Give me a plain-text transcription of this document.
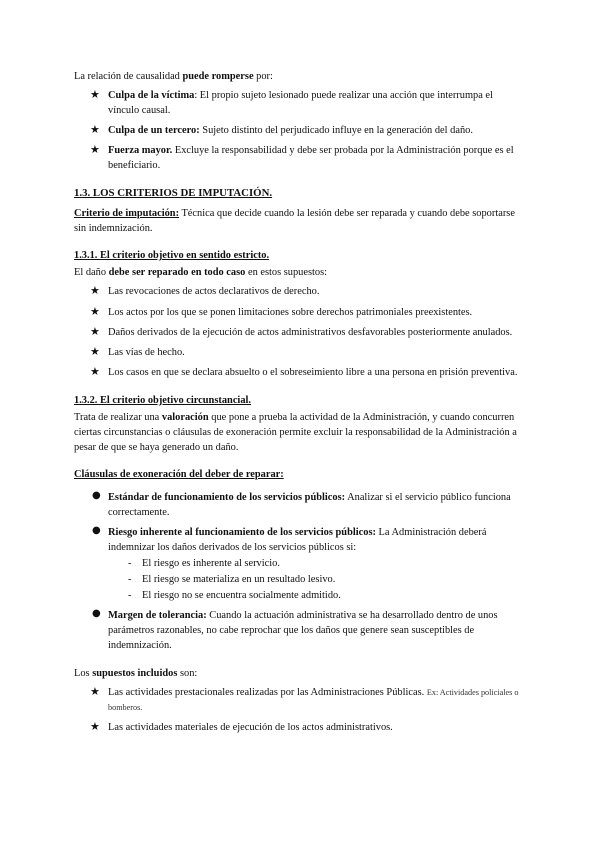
La relación de causalidad puede romperse por:

★ Culpa de la víctima: El propio sujeto lesionado puede realizar una acción que interrumpa el vínculo causal.
★ Culpa de un tercero: Sujeto distinto del perjudicado influye en la generación del daño.
★ Fuerza mayor. Excluye la responsabilidad y debe ser probada por la Administración porque es el beneficiario.
1.3. LOS CRITERIOS DE IMPUTACIÓN.

Criterio de imputación: Técnica que decide cuando la lesión debe ser reparada y cuando debe soportarse sin indemnización.

1.3.1. El criterio objetivo en sentido estricto.

El daño debe ser reparado en todo caso en estos supuestos:

★ Las revocaciones de actos declarativos de derecho.
★ Los actos por los que se ponen limitaciones sobre derechos patrimoniales preexistentes.
★ Daños derivados de la ejecución de actos administrativos desfavorables posteriormente anulados.
★ Las vías de hecho.
★ Los casos en que se declara absuelto o el sobreseimiento libre a una persona en prisión preventiva.
1.3.2. El criterio objetivo circunstancial.

Trata de realizar una valoración que pone a prueba la actividad de la Administración, y cuando concurren ciertas circunstancias o cláusulas de exoneración permite excluir la responsabilidad de la Administración a pesar de que se haya generado un daño.

Cláusulas de exoneración del deber de reparar:

● Estándar de funcionamiento de los servicios públicos: Analizar si el servicio público funciona correctamente.
● Riesgo inherente al funcionamiento de los servicios públicos: La Administración deberá indemnizar los daños derivados de los servicios públicos si:
- El riesgo es inherente al servicio.
- El riesgo se materializa en un resultado lesivo.
- El riesgo no se encuentra socialmente admitido.
● Margen de tolerancia: Cuando la actuación administrativa se ha desarrollado dentro de unos parámetros razonables, no cabe reprochar que los daños que genere sean susceptibles de indemnización.

Los supuestos incluidos son:

★ Las actividades prestacionales realizadas por las Administraciones Públicas. Ex: Actividades policiales o bomberos.
★ Las actividades materiales de ejecución de los actos administrativos.
